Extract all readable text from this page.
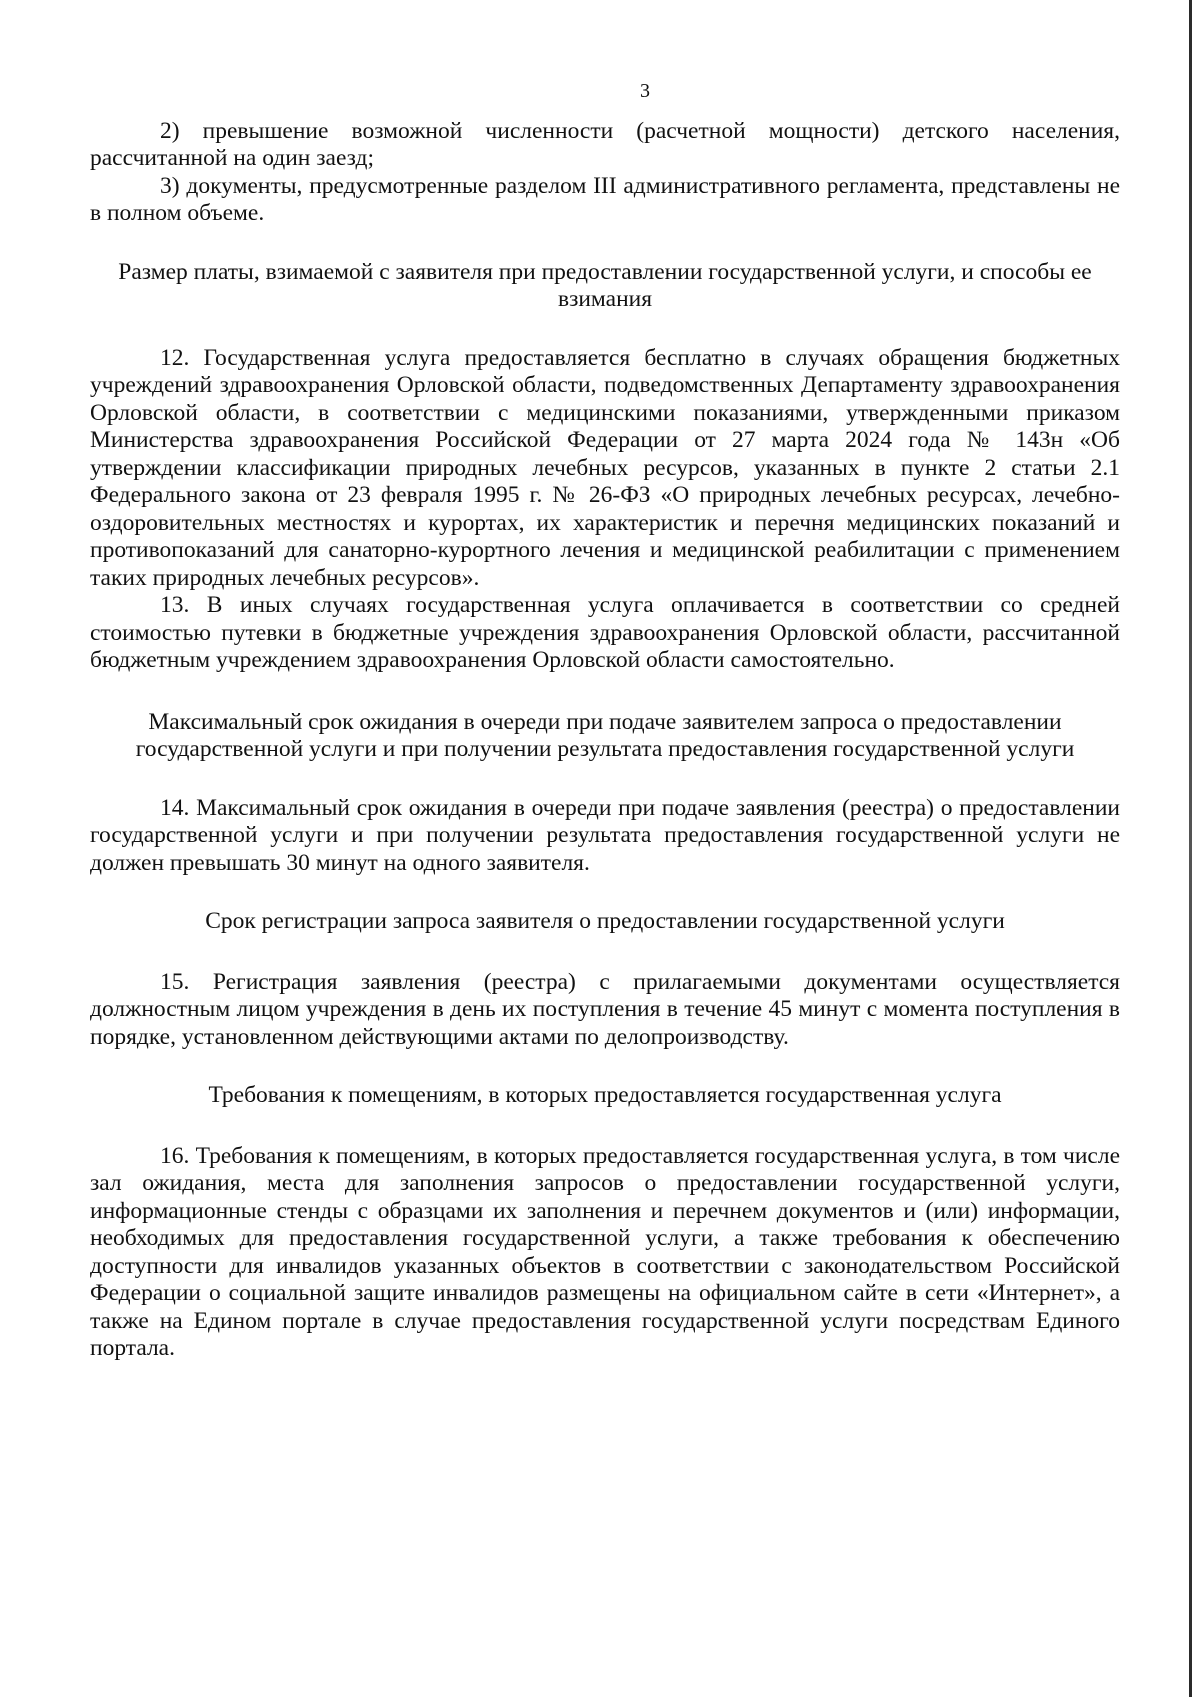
3

2) превышение возможной численности (расчетной мощности) детского населения, рассчитанной на один заезд;

3) документы, предусмотренные разделом III административного регламента, представлены не в полном объеме.

Размер платы, взимаемой с заявителя при предоставлении государственной услуги, и способы ее взимания

12. Государственная услуга предоставляется бесплатно в случаях обращения бюджетных учреждений здравоохранения Орловской области, подведомственных Департаменту здравоохранения Орловской области, в соответствии с медицинскими показаниями, утвержденными приказом Министерства здравоохранения Российской Федерации от 27 марта 2024 года № 143н «Об утверждении классификации природных лечебных ресурсов, указанных в пункте 2 статьи 2.1 Федерального закона от 23 февраля 1995 г. № 26-ФЗ «О природных лечебных ресурсах, лечебно-оздоровительных местностях и курортах, их характеристик и перечня медицинских показаний и противопоказаний для санаторно-курортного лечения и медицинской реабилитации с применением таких природных лечебных ресурсов».

13. В иных случаях государственная услуга оплачивается в соответствии со средней стоимостью путевки в бюджетные учреждения здравоохранения Орловской области, рассчитанной бюджетным учреждением здравоохранения Орловской области самостоятельно.

Максимальный срок ожидания в очереди при подаче заявителем запроса о предоставлении государственной услуги и при получении результата предоставления государственной услуги

14. Максимальный срок ожидания в очереди при подаче заявления (реестра) о предоставлении государственной услуги и при получении результата предоставления государственной услуги не должен превышать 30 минут на одного заявителя.

Срок регистрации запроса заявителя о предоставлении государственной услуги

15. Регистрация заявления (реестра) с прилагаемыми документами осуществляется должностным лицом учреждения в день их поступления в течение 45 минут с момента поступления в порядке, установленном действующими актами по делопроизводству.

Требования к помещениям, в которых предоставляется государственная услуга

16. Требования к помещениям, в которых предоставляется государственная услуга, в том числе зал ожидания, места для заполнения запросов о предоставлении государственной услуги, информационные стенды с образцами их заполнения и перечнем документов и (или) информации, необходимых для предоставления государственной услуги, а также требования к обеспечению доступности для инвалидов указанных объектов в соответствии с законодательством Российской Федерации о социальной защите инвалидов размещены на официальном сайте в сети «Интернет», а также на Едином портале в случае предоставления государственной услуги посредствам Единого портала.
